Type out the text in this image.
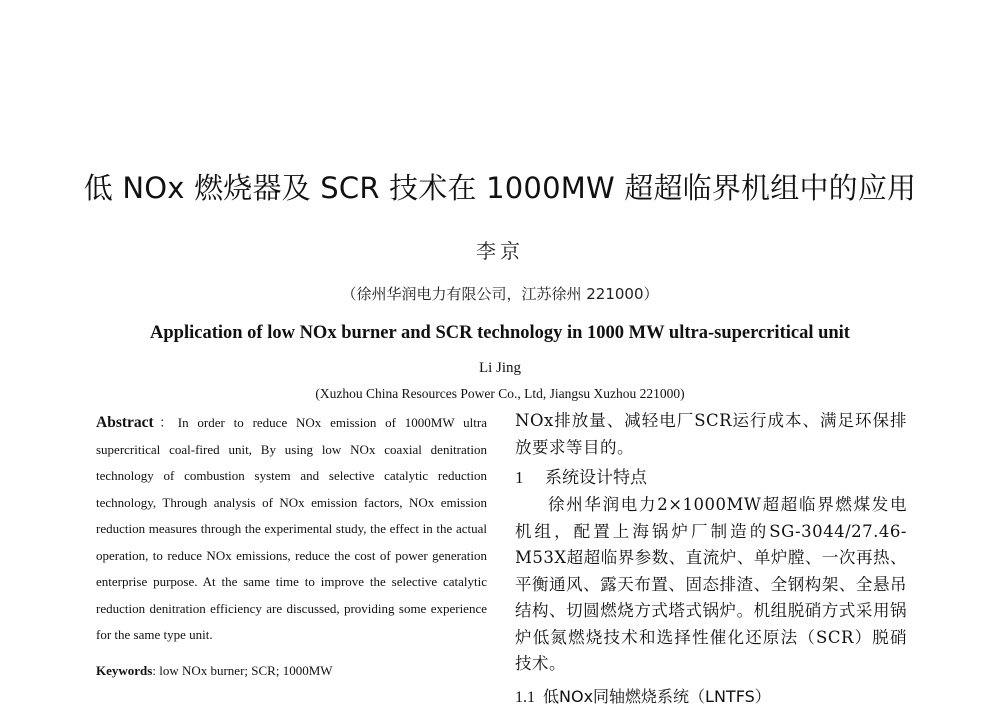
低 NOx 燃烧器及 SCR 技术在 1000MW 超超临界机组中的应用
李京
（徐州华润电力有限公司，江苏徐州 221000）
Application of low NOx burner and SCR technology in 1000 MW ultra-supercritical unit
Li Jing
(Xuzhou China Resources Power Co., Ltd, Jiangsu Xuzhou 221000)

Abstract：In order to reduce NOx emission of 1000MW ultra supercritical coal-fired unit, By using low NOx coaxial denitration technology of combustion system and selective catalytic reduction technology, Through analysis of NOx emission factors, NOx emission reduction measures through the experimental study, the effect in the actual operation, to reduce NOx emissions, reduce the cost of power generation enterprise purpose. At the same time to improve the selective catalytic reduction denitration efficiency are discussed, providing some experience for the same type unit.

Keywords: low NOx burner; SCR; 1000MW

NOx排放量、减轻电厂SCR运行成本、满足环保排放要求等目的。

1 系统设计特点

徐州华润电力2×1000MW超超临界燃煤发电机组，配置上海锅炉厂制造的SG-3044/27.46-M53X超超临界参数、直流炉、单炉膛、一次再热、平衡通风、露天布置、固态排渣、全钢构架、全悬吊结构、切圆燃烧方式塔式锅炉。机组脱硝方式采用锅炉低氮燃烧技术和选择性催化还原法（SCR）脱硝技术。

1.1 低NOx同轴燃烧系统（LNTFS）
